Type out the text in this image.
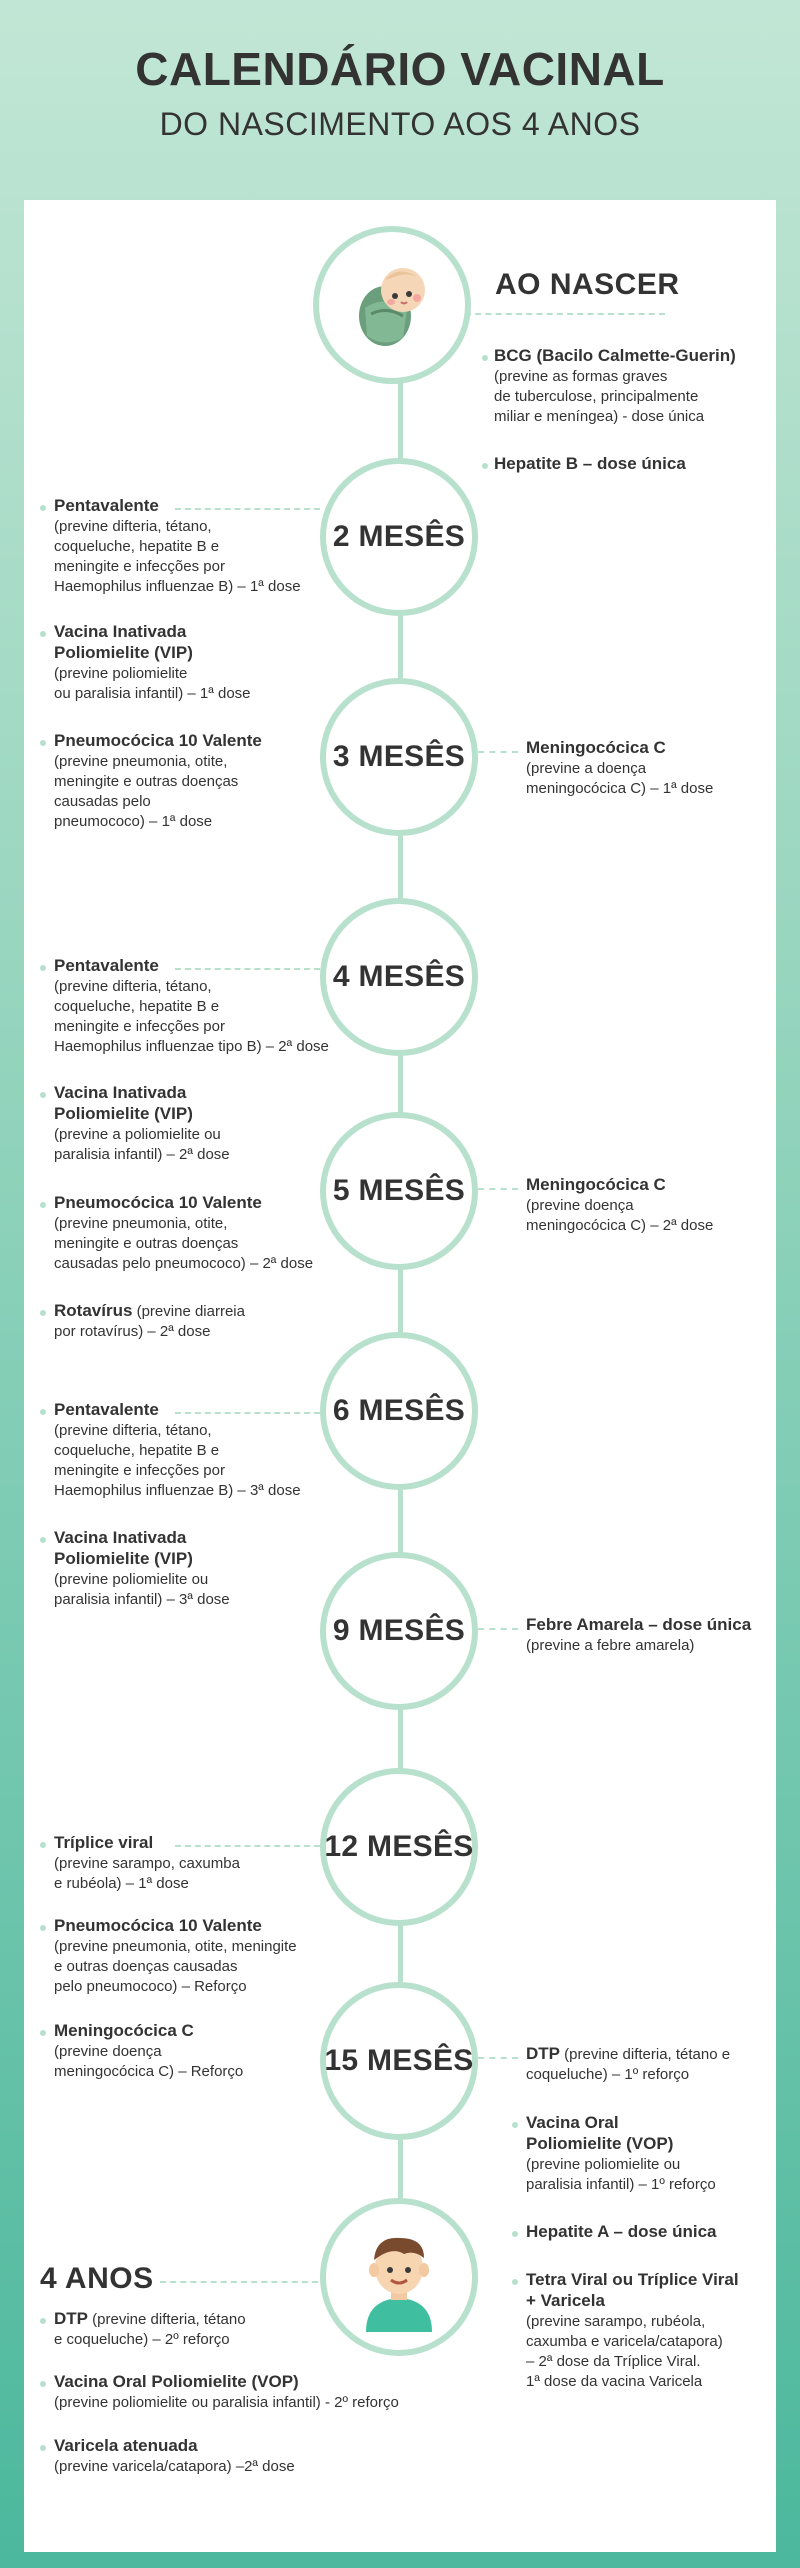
CALENDÁRIO VACINAL
DO NASCIMENTO AOS 4 ANOS
AO NASCER
BCG (Bacilo Calmette-Guerin)
(previne as formas graves
de tuberculose, principalmente
miliar e meníngea) - dose única
Hepatite B – dose única
2 MESÊS
Pentavalente
(previne difteria, tétano,
coqueluche, hepatite B e
meningite e infecções por
Haemophilus influenzae B) – 1ª dose
Vacina Inativada
Poliomielite (VIP)
(previne poliomielite
ou paralisia infantil) – 1ª dose
3 MESÊS
Pneumocócica 10 Valente
(previne pneumonia, otite,
meningite e outras doenças
causadas pelo
pneumococo) – 1ª dose
Meningocócica C
(previne a doença
meningocócica C) – 1ª dose
4 MESÊS
Pentavalente
(previne difteria, tétano,
coqueluche, hepatite B e
meningite e infecções por
Haemophilus influenzae tipo B) – 2ª dose
Vacina Inativada
Poliomielite (VIP)
(previne a poliomielite ou
paralisia infantil) – 2ª dose
5 MESÊS
Pneumocócica 10 Valente
(previne pneumonia, otite,
meningite e outras doenças
causadas pelo pneumococo) – 2ª dose
Meningocócica C
(previne doença
meningocócica C) – 2ª dose
Rotavírus (previne diarreia
por rotavírus) – 2ª dose
6 MESÊS
Pentavalente
(previne difteria, tétano,
coqueluche, hepatite B e
meningite e infecções por
Haemophilus influenzae B) – 3ª dose
Vacina Inativada
Poliomielite (VIP)
(previne poliomielite ou
paralisia infantil) – 3ª dose
9 MESÊS	Febre Amarela – dose única
(previne a febre amarela)
12 MESÊS
Tríplice viral
(previne sarampo, caxumba
e rubéola) – 1ª dose
Pneumocócica 10 Valente
(previne pneumonia, otite, meningite
e outras doenças causadas
pelo pneumococo) – Reforço
15 MESÊS
Meningocócica C
(previne doença
meningocócica C) – Reforço
DTP (previne difteria, tétano e
coqueluche) – 1º reforço
Vacina Oral
Poliomielite (VOP)
(previne poliomielite ou
paralisia infantil) – 1º reforço
Hepatite A – dose única
4 ANOS
DTP (previne difteria, tétano
e coqueluche) – 2º reforço
Vacina Oral Poliomielite (VOP)
(previne poliomielite ou paralisia infantil) - 2º reforço
Varicela atenuada
(previne varicela/catapora) –2ª dose
Tetra Viral ou Tríplice Viral
+ Varicela
(previne sarampo, rubéola,
caxumba e varicela/catapora)
– 2ª dose da Tríplice Viral.
1ª dose da vacina Varicela
